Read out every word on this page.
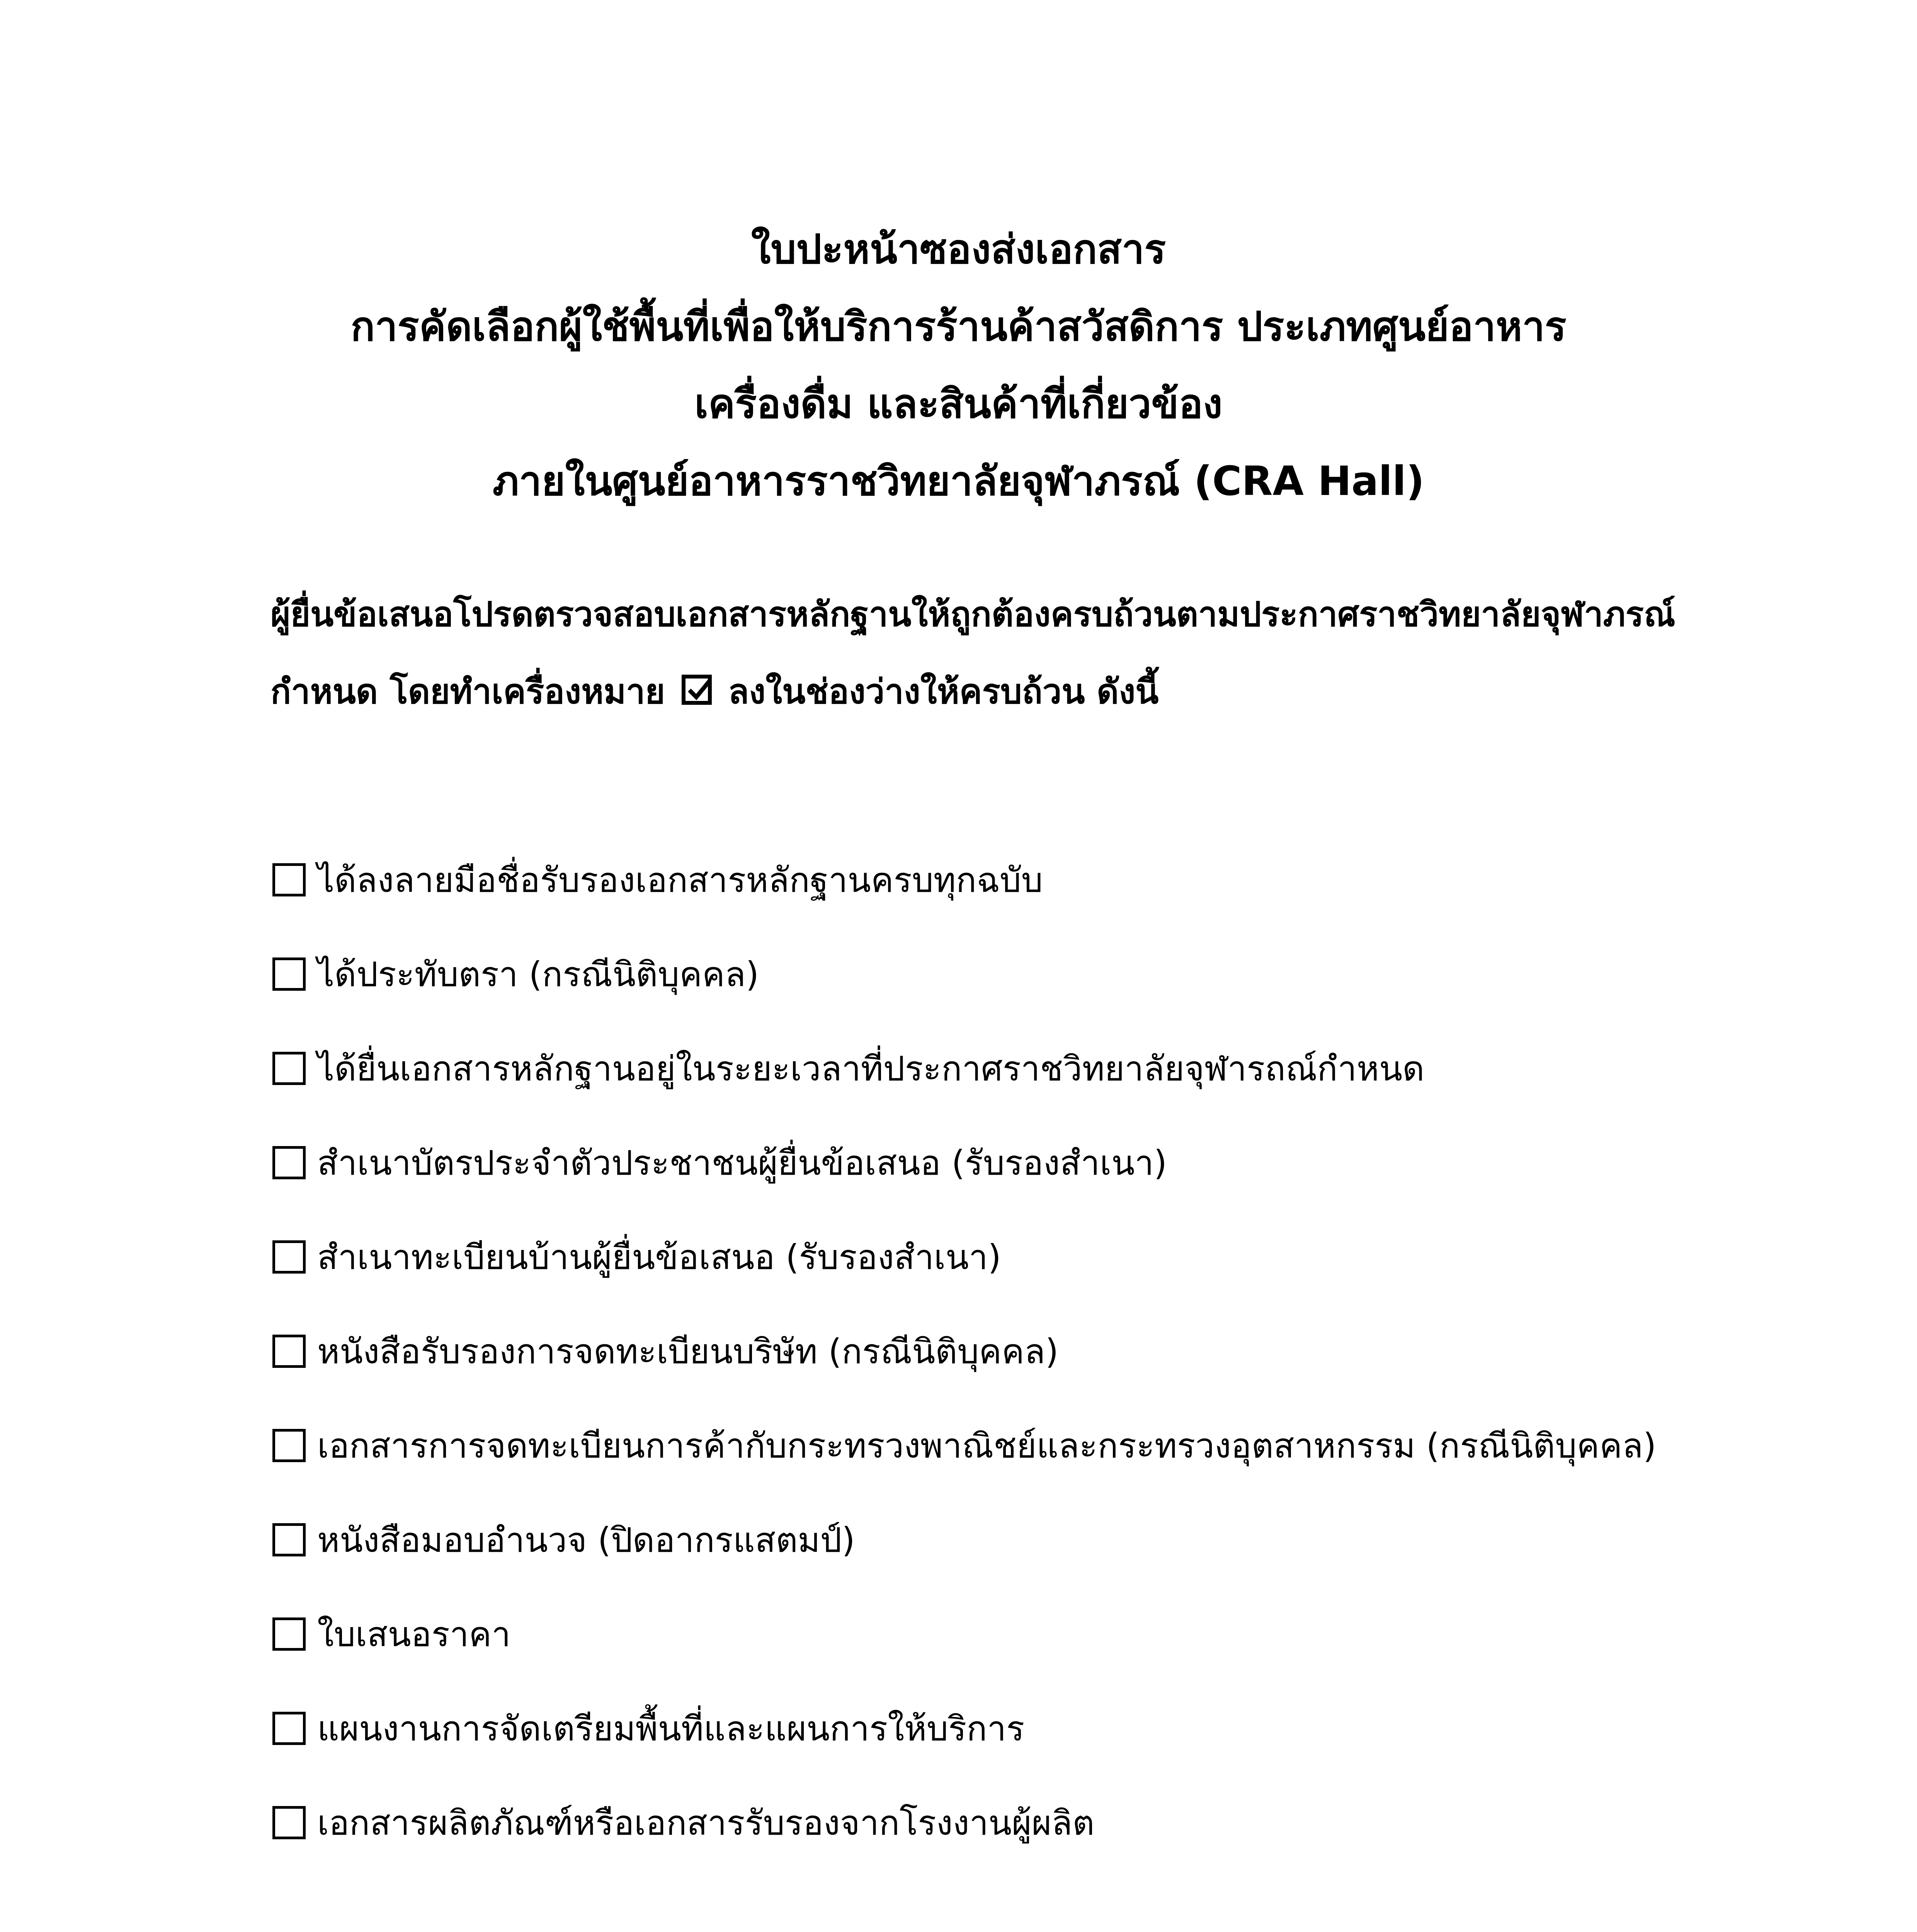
ใบปะหน้าซองส่งเอกสาร
การคัดเลือกผู้ใช้พื้นที่เพื่อให้บริการร้านค้าสวัสดิการ ประเภทศูนย์อาหาร
เครื่องดื่ม และสินค้าที่เกี่ยวข้อง
ภายในศูนย์อาหารราชวิทยาลัยจุฬาภรณ์ (CRA Hall)
ผู้ยื่นข้อเสนอโปรดตรวจสอบเอกสารหลักฐานให้ถูกต้องครบถ้วนตามประกาศราชวิทยาลัยจุฬาภรณ์
กำหนด โดยทำเครื่องหมาย ลงในช่องว่างให้ครบถ้วน ดังนี้
ได้ลงลายมือชื่อรับรองเอกสารหลักฐานครบทุกฉบับ
ได้ประทับตรา (กรณีนิติบุคคล)
ได้ยื่นเอกสารหลักฐานอยู่ในระยะเวลาที่ประกาศราชวิทยาลัยจุฬารถณ์กำหนด
สำเนาบัตรประจำตัวประชาชนผู้ยื่นข้อเสนอ (รับรองสำเนา)
สำเนาทะเบียนบ้านผู้ยื่นข้อเสนอ (รับรองสำเนา)
หนังสือรับรองการจดทะเบียนบริษัท (กรณีนิติบุคคล)
เอกสารการจดทะเบียนการค้ากับกระทรวงพาณิชย์และกระทรวงอุตสาหกรรม (กรณีนิติบุคคล)
หนังสือมอบอำนวจ (ปิดอากรแสตมป์)
ใบเสนอราคา
แผนงานการจัดเตรียมพื้นที่และแผนการให้บริการ
เอกสารผลิตภัณฑ์หรือเอกสารรับรองจากโรงงานผู้ผลิต
